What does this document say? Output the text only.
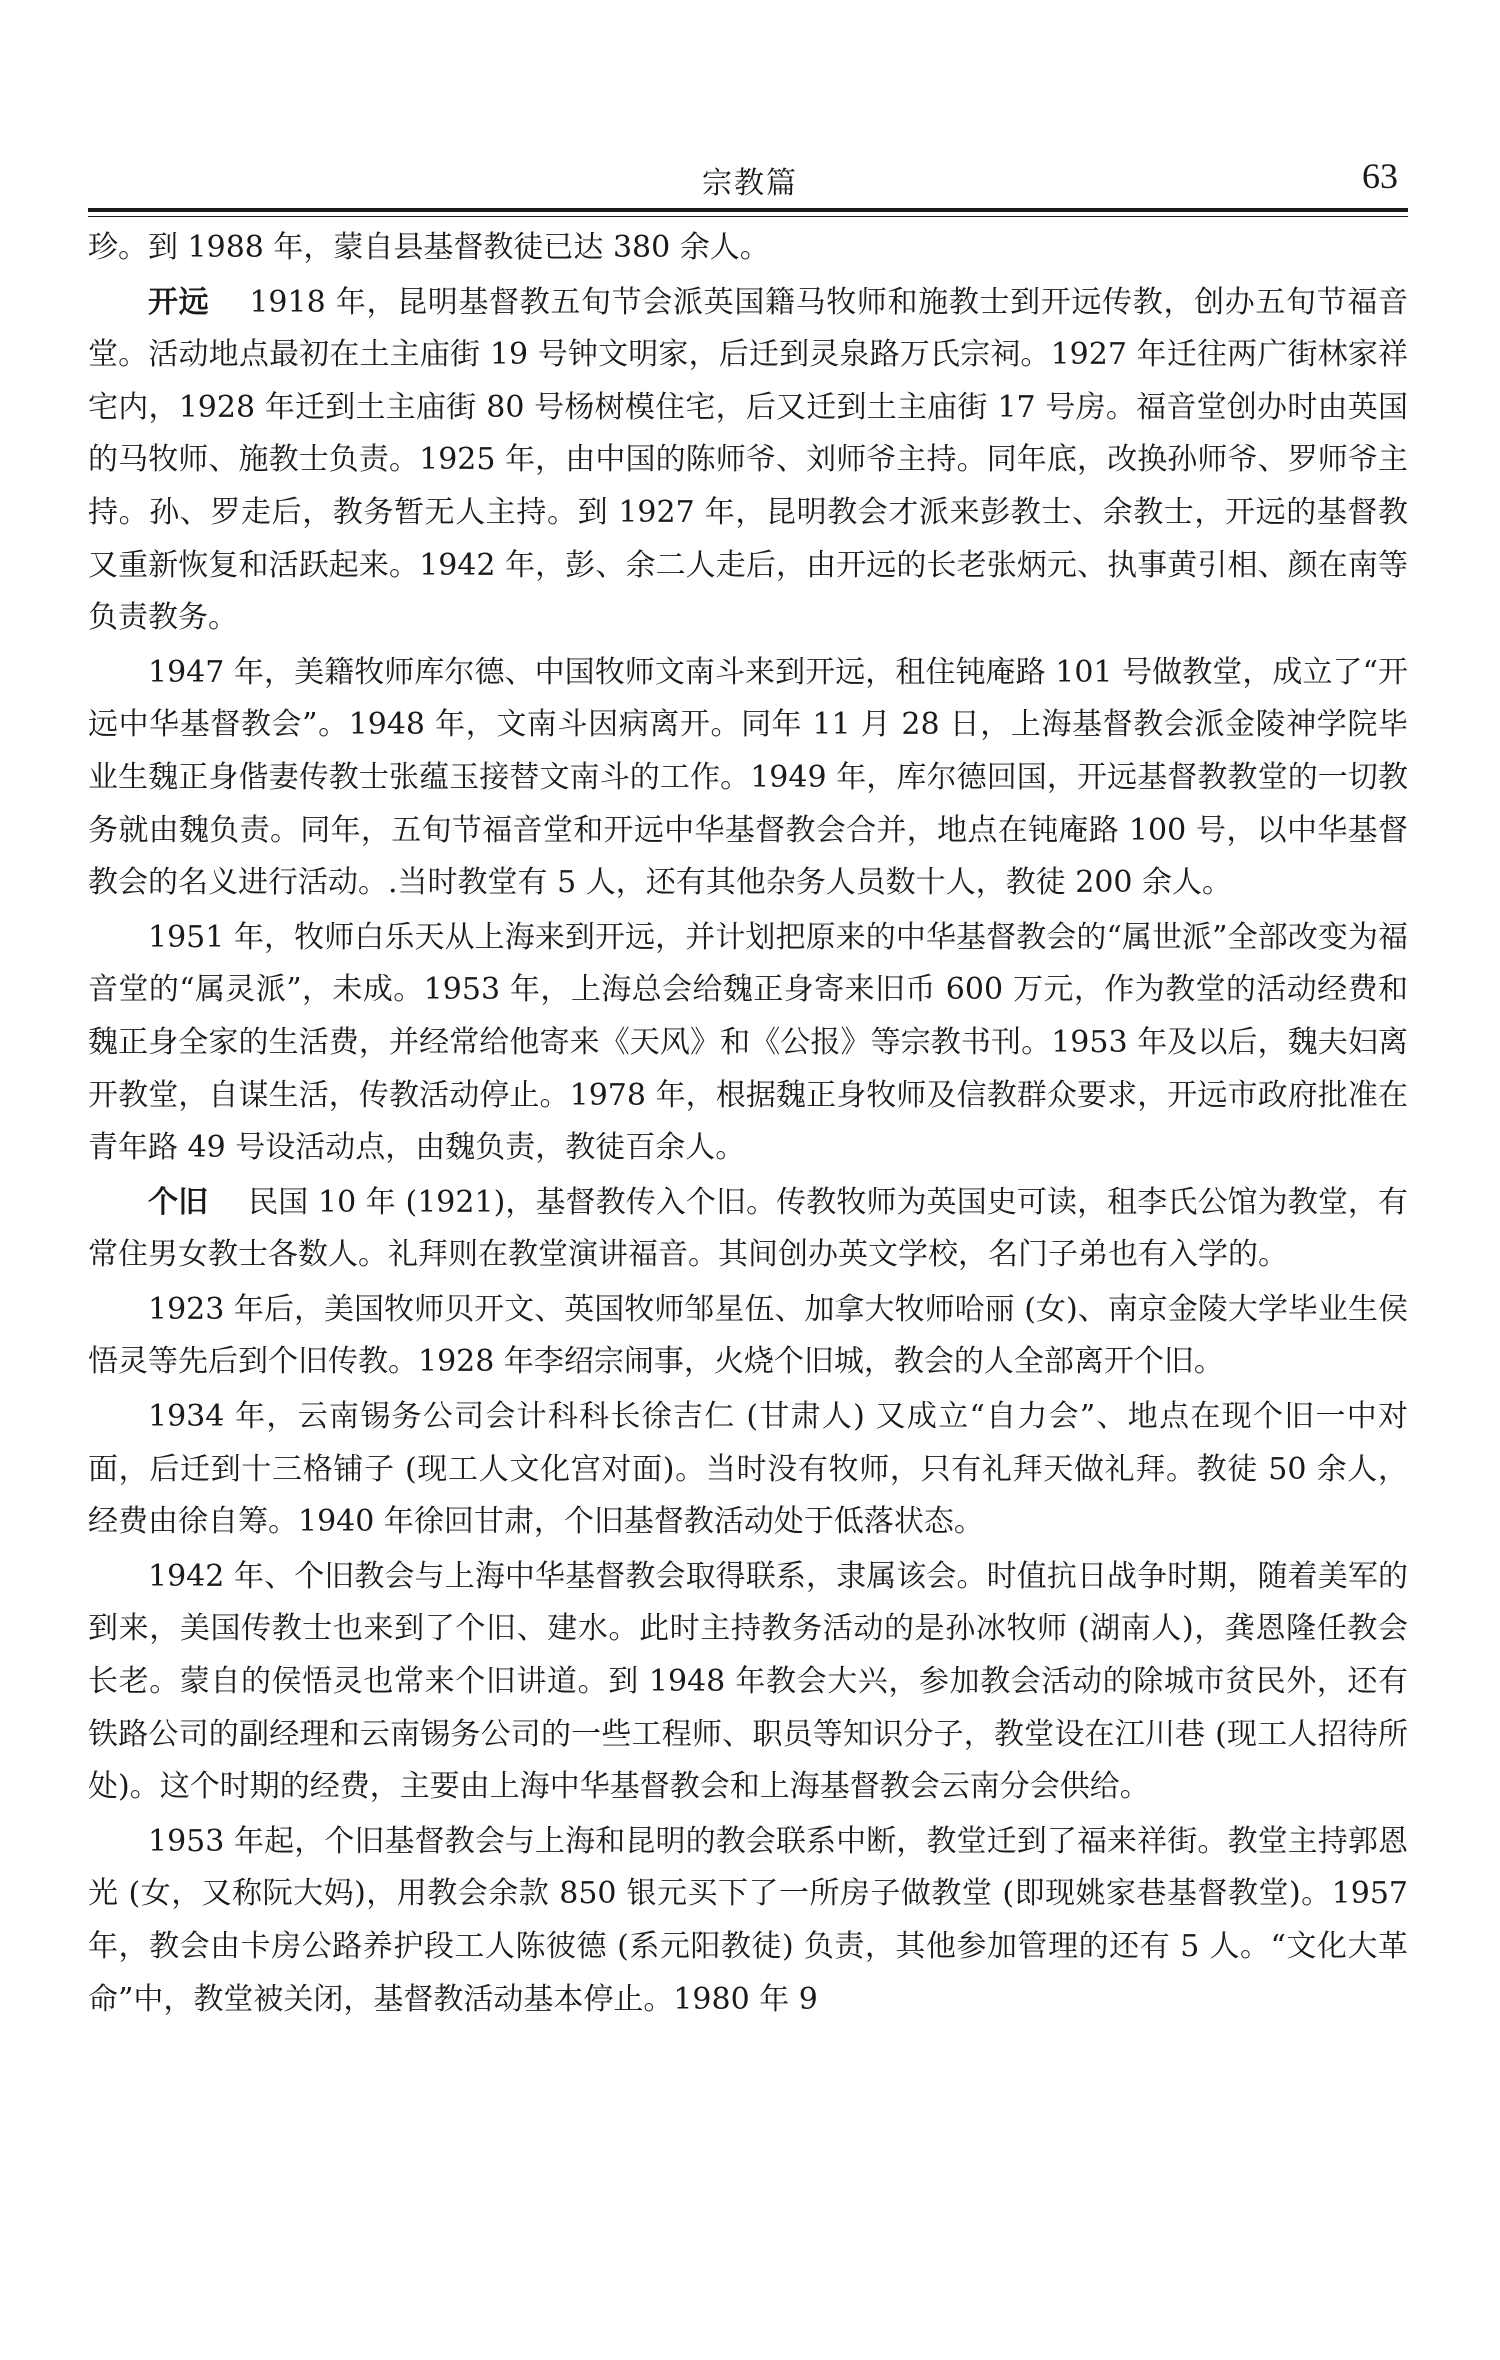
宗教篇	63

珍。到 1988 年，蒙自县基督教徒已达 380 余人。

开远 1918 年，昆明基督教五旬节会派英国籍马牧师和施教士到开远传教，创办五旬节福音堂。活动地点最初在土主庙街 19 号钟文明家，后迁到灵泉路万氏宗祠。1927 年迁往两广街林家祥宅内，1928 年迁到土主庙街 80 号杨树模住宅，后又迁到土主庙街 17 号房。福音堂创办时由英国的马牧师、施教士负责。1925 年，由中国的陈师爷、刘师爷主持。同年底，改换孙师爷、罗师爷主持。孙、罗走后，教务暂无人主持。到 1927 年，昆明教会才派来彭教士、余教士，开远的基督教又重新恢复和活跃起来。1942 年，彭、余二人走后，由开远的长老张炳元、执事黄引相、颜在南等负责教务。

1947 年，美籍牧师库尔德、中国牧师文南斗来到开远，租住钝庵路 101 号做教堂，成立了“开远中华基督教会”。1948 年，文南斗因病离开。同年 11 月 28 日，上海基督教会派金陵神学院毕业生魏正身偕妻传教士张蕴玉接替文南斗的工作。1949 年，库尔德回国，开远基督教教堂的一切教务就由魏负责。同年，五旬节福音堂和开远中华基督教会合并，地点在钝庵路 100 号，以中华基督教会的名义进行活动。.当时教堂有 5 人，还有其他杂务人员数十人，教徒 200 余人。

1951 年，牧师白乐天从上海来到开远，并计划把原来的中华基督教会的“属世派”全部改变为福音堂的“属灵派”，未成。1953 年，上海总会给魏正身寄来旧币 600 万元，作为教堂的活动经费和魏正身全家的生活费，并经常给他寄来《天风》和《公报》等宗教书刊。1953 年及以后，魏夫妇离开教堂，自谋生活，传教活动停止。1978 年，根据魏正身牧师及信教群众要求，开远市政府批准在青年路 49 号设活动点，由魏负责，教徒百余人。

个旧 民国 10 年 (1921)，基督教传入个旧。传教牧师为英国史可读，租李氏公馆为教堂，有常住男女教士各数人。礼拜则在教堂演讲福音。其间创办英文学校，名门子弟也有入学的。

1923 年后，美国牧师贝开文、英国牧师邹星伍、加拿大牧师哈丽 (女)、南京金陵大学毕业生侯悟灵等先后到个旧传教。1928 年李绍宗闹事，火烧个旧城，教会的人全部离开个旧。

1934 年，云南锡务公司会计科科长徐吉仁 (甘肃人) 又成立“自力会”、地点在现个旧一中对面，后迁到十三格铺子 (现工人文化宫对面)。当时没有牧师，只有礼拜天做礼拜。教徒 50 余人，经费由徐自筹。1940 年徐回甘肃，个旧基督教活动处于低落状态。

1942 年、个旧教会与上海中华基督教会取得联系，隶属该会。时值抗日战争时期，随着美军的到来，美国传教士也来到了个旧、建水。此时主持教务活动的是孙冰牧师 (湖南人)，龚恩隆任教会长老。蒙自的侯悟灵也常来个旧讲道。到 1948 年教会大兴，参加教会活动的除城市贫民外，还有铁路公司的副经理和云南锡务公司的一些工程师、职员等知识分子，教堂设在江川巷 (现工人招待所处)。这个时期的经费，主要由上海中华基督教会和上海基督教会云南分会供给。

1953 年起，个旧基督教会与上海和昆明的教会联系中断，教堂迁到了福来祥街。教堂主持郭恩光 (女，又称阮大妈)，用教会余款 850 银元买下了一所房子做教堂 (即现姚家巷基督教堂)。1957 年，教会由卡房公路养护段工人陈彼德 (系元阳教徒) 负责，其他参加管理的还有 5 人。“文化大革命”中，教堂被关闭，基督教活动基本停止。1980 年 9
